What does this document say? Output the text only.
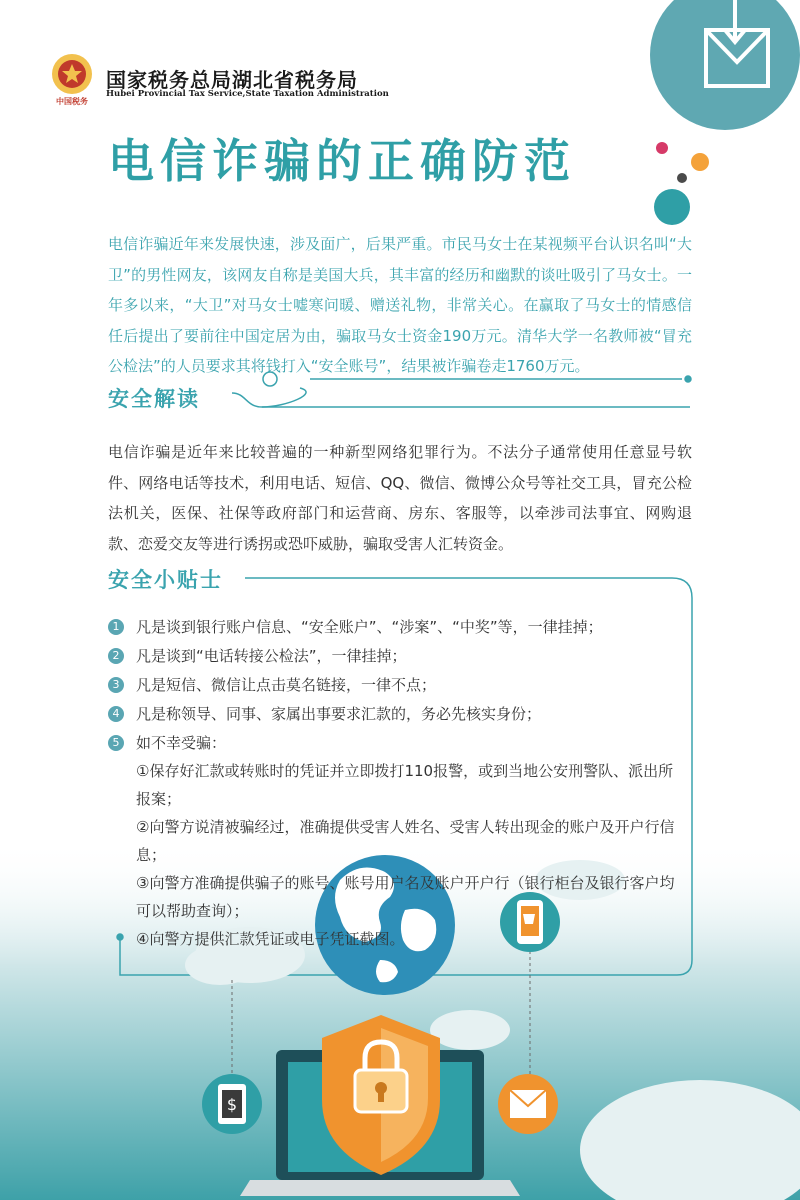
$
中国税务
国家税务总局湖北省税务局
Hubei Provincial Tax Service,State Taxation Administration
电信诈骗的正确防范
电信诈骗近年来发展快速，涉及面广，后果严重。市民马女士在某视频平台认识名叫“大卫”的男性网友，该网友自称是美国大兵，其丰富的经历和幽默的谈吐吸引了马女士。一年多以来，“大卫”对马女士嘘寒问暖、赠送礼物，非常关心。在赢取了马女士的情感信任后提出了要前往中国定居为由，骗取马女士资金190万元。清华大学一名教师被“冒充公检法”的人员要求其将钱打入“安全账号”，结果被诈骗卷走1760万元。
安全解读
电信诈骗是近年来比较普遍的一种新型网络犯罪行为。不法分子通常使用任意显号软件、网络电话等技术，利用电话、短信、QQ、微信、微博公众号等社交工具，冒充公检法机关，医保、社保等政府部门和运营商、房东、客服等，以牵涉司法事宜、网购退款、恋爱交友等进行诱拐或恐吓威胁，骗取受害人汇转资金。
安全小贴士
1	凡是谈到银行账户信息、“安全账户”、“涉案”、“中奖”等，一律挂掉；
2	凡是谈到“电话转接公检法”，一律挂掉；
3	凡是短信、微信让点击莫名链接，一律不点；
4	凡是称领导、同事、家属出事要求汇款的，务必先核实身份；
5	如不幸受骗：
①保存好汇款或转账时的凭证并立即拨打110报警，或到当地公安刑警队、派出所报案；
②向警方说清被骗经过，准确提供受害人姓名、受害人转出现金的账户及开户行信息；
③向警方准确提供骗子的账号、账号用户名及账户开户行（银行柜台及银行客户均可以帮助查询）；
④向警方提供汇款凭证或电子凭证截图。
